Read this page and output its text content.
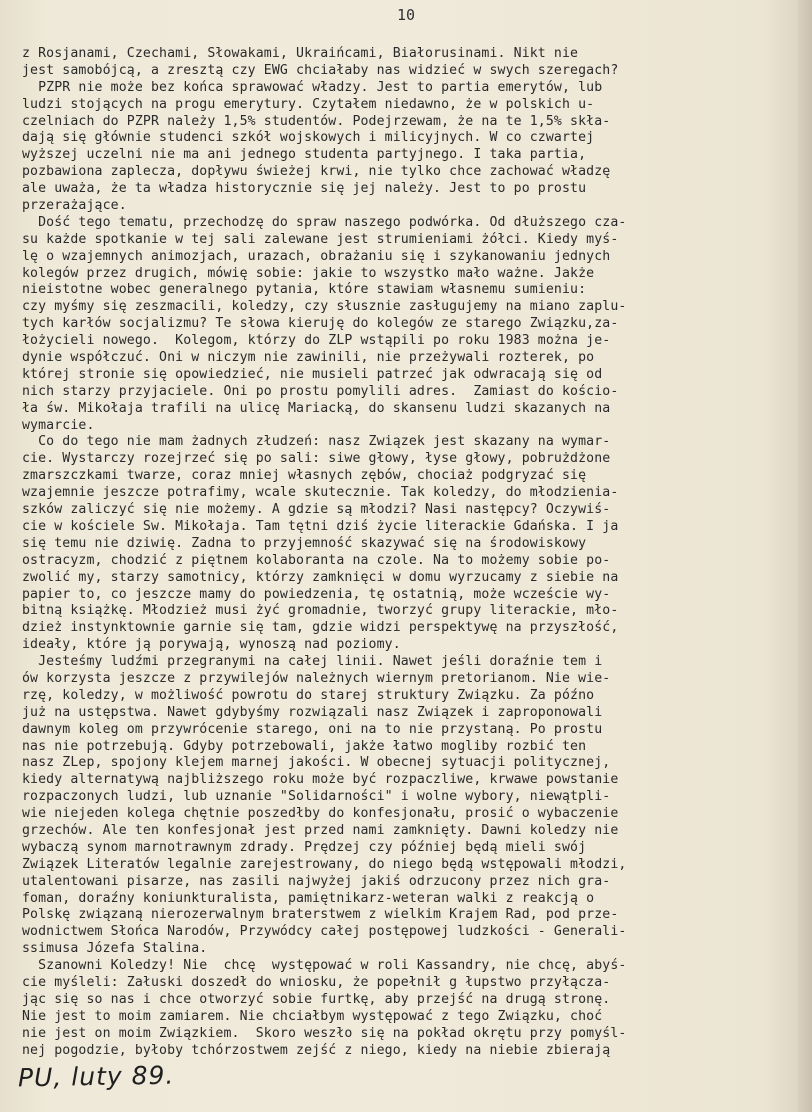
10
z Rosjanami, Czechami, Słowakami, Ukraińcami, Białorusinami. Nikt nie
jest samobójcą, a zresztą czy EWG chciałaby nas widzieć w swych szeregach?
PZPR nie może bez końca sprawować władzy. Jest to partia emerytów, lub
ludzi stojących na progu emerytury. Czytałem niedawno, że w polskich u-
czelniach do PZPR należy 1,5% studentów. Podejrzewam, że na te 1,5% skła-
dają się głównie studenci szkół wojskowych i milicyjnych. W co czwartej
wyższej uczelni nie ma ani jednego studenta partyjnego. I taka partia,
pozbawiona zaplecza, dopływu świeżej krwi, nie tylko chce zachować władzę
ale uważa, że ta władza historycznie się jej należy. Jest to po prostu
przerażające.
Dość tego tematu, przechodzę do spraw naszego podwórka. Od dłuższego cza-
su każde spotkanie w tej sali zalewane jest strumieniami żółci. Kiedy myś-
lę o wzajemnych animozjach, urazach, obrażaniu się i szykanowaniu jednych
kolegów przez drugich, mówię sobie: jakie to wszystko mało ważne. Jakże
nieistotne wobec generalnego pytania, które stawiam własnemu sumieniu:
czy myśmy się zeszmacili, koledzy, czy słusznie zasługujemy na miano zaplu-
tych karłów socjalizmu? Te słowa kieruję do kolegów ze starego Związku,za-
łożycieli nowego.  Kolegom, którzy do ZLP wstąpili po roku 1983 można je-
dynie współczuć. Oni w niczym nie zawinili, nie przeżywali rozterek, po
której stronie się opowiedzieć, nie musieli patrzeć jak odwracają się od
nich starzy przyjaciele. Oni po prostu pomylili adres.  Zamiast do kościo-
ła św. Mikołaja trafili na ulicę Mariacką, do skansenu ludzi skazanych na
wymarcie.
Co do tego nie mam żadnych złudzeń: nasz Związek jest skazany na wymar-
cie. Wystarczy rozejrzeć się po sali: siwe głowy, łyse głowy, pobrużdżone
zmarszczkami twarze, coraz mniej własnych zębów, chociaż podgryzać się
wzajemnie jeszcze potrafimy, wcale skutecznie. Tak koledzy, do młodzienia-
szków zaliczyć się nie możemy. A gdzie są młodzi? Nasi następcy? Oczywiś-
cie w kościele Św. Mikołaja. Tam tętni dziś życie literackie Gdańska. I ja
się temu nie dziwię. Żadna to przyjemność skazywać się na środowiskowy
ostracyzm, chodzić z piętnem kolaboranta na czole. Na to możemy sobie po-
zwolić my, starzy samotnicy, którzy zamknięci w domu wyrzucamy z siebie na
papier to, co jeszcze mamy do powiedzenia, tę ostatnią, może wczeście wy-
bitną książkę. Młodzież musi żyć gromadnie, tworzyć grupy literackie, mło-
dzież instynktownie garnie się tam, gdzie widzi perspektywę na przyszłość,
ideały, które ją porywają, wynoszą nad poziomy.
Jesteśmy ludźmi przegranymi na całej linii. Nawet jeśli doraźnie tem i
ów korzysta jeszcze z przywilejów należnych wiernym pretorianom. Nie wie-
rzę, koledzy, w możliwość powrotu do starej struktury Związku. Za późno
już na ustępstwa. Nawet gdybyśmy rozwiązali nasz Związek i zaproponowali
dawnym koleg om przywrócenie starego, oni na to nie przystaną. Po prostu
nas nie potrzebują. Gdyby potrzebowali, jakże łatwo mogliby rozbić ten
nasz ZLep, spojony klejem marnej jakości. W obecnej sytuacji politycznej,
kiedy alternatywą najbliższego roku może być rozpaczliwe, krwawe powstanie
rozpaczonych ludzi, lub uznanie "Solidarności" i wolne wybory, niewątpli-
wie niejeden kolega chętnie poszedłby do konfesjonału, prosić o wybaczenie
grzechów. Ale ten konfesjonał jest przed nami zamknięty. Dawni koledzy nie
wybaczą synom marnotrawnym zdrady. Prędzej czy później będą mieli swój
Związek Literatów legalnie zarejestrowany, do niego będą wstępowali młodzi,
utalentowani pisarze, nas zasili najwyżej jakiś odrzucony przez nich gra-
foman, doraźny koniunkturalista, pamiętnikarz-weteran walki z reakcją o
Polskę związaną nierozerwalnym braterstwem z wielkim Krajem Rad, pod prze-
wodnictwem Słońca Narodów, Przywódcy całej postępowej ludzkości - Generali-
ssimusa Józefa Stalina.
Szanowni Koledzy! Nie  chcę  występować w roli Kassandry, nie chcę, abyś-
cie myśleli: Załuski doszedł do wniosku, że popełnił g łupstwo przyłącza-
jąc się so nas i chce otworzyć sobie furtkę, aby przejść na drugą stronę.
Nie jest to moim zamiarem. Nie chciałbym występować z tego Związku, choć
nie jest on moim Związkiem.  Skoro weszło się na pokład okrętu przy pomyśl-
nej pogodzie, byłoby tchórzostwem zejść z niego, kiedy na niebie zbierają
PU, luty 89.
